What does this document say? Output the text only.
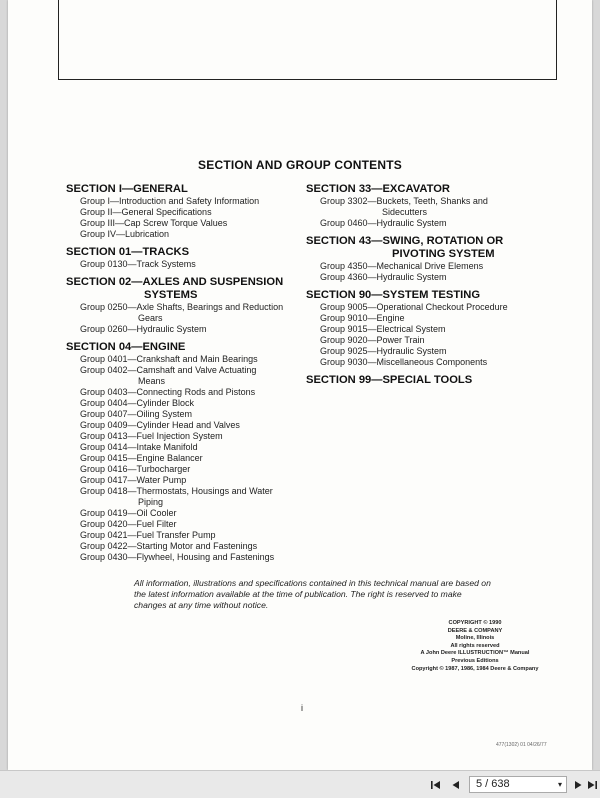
SECTION AND GROUP CONTENTS
SECTION I—GENERAL
Group I—Introduction and Safety Information
Group II—General Specifications
Group III—Cap Screw Torque Values
Group IV—Lubrication
SECTION 01—TRACKS
Group 0130—Track Systems
SECTION 02—AXLES AND SUSPENSION
SYSTEMS
Group 0250—Axle Shafts, Bearings and Reduction
Gears
Group 0260—Hydraulic System
SECTION 04—ENGINE
Group 0401—Crankshaft and Main Bearings
Group 0402—Camshaft and Valve Actuating
Means
Group 0403—Connecting Rods and Pistons
Group 0404—Cylinder Block
Group 0407—Oiling System
Group 0409—Cylinder Head and Valves
Group 0413—Fuel Injection System
Group 0414—Intake Manifold
Group 0415—Engine Balancer
Group 0416—Turbocharger
Group 0417—Water Pump
Group 0418—Thermostats, Housings and Water
Piping
Group 0419—Oil Cooler
Group 0420—Fuel Filter
Group 0421—Fuel Transfer Pump
Group 0422—Starting Motor and Fastenings
Group 0430—Flywheel, Housing and Fastenings
SECTION 33—EXCAVATOR
Group 3302—Buckets, Teeth, Shanks and
Sidecutters
Group 0460—Hydraulic System
SECTION 43—SWING, ROTATION OR
PIVOTING SYSTEM
Group 4350—Mechanical Drive Elemens
Group 4360—Hydraulic System
SECTION 90—SYSTEM TESTING
Group 9005—Operational Checkout Procedure
Group 9010—Engine
Group 9015—Electrical System
Group 9020—Power Train
Group 9025—Hydraulic System
Group 9030—Miscellaneous Components
SECTION 99—SPECIAL TOOLS
All information, illustrations and specifications contained in this technical manual are based on the latest information available at the time of publication. The right is reserved to make changes at any time without notice.
COPYRIGHT © 1990
DEERE & COMPANY
Moline, Illinois
All rights reserved
A John Deere ILLUSTRUCTION™ Manual
Previous Editions
Copyright © 1987, 1986, 1984 Deere & Company
i
477(1302) 01 04/26/77
5 / 638	▾
